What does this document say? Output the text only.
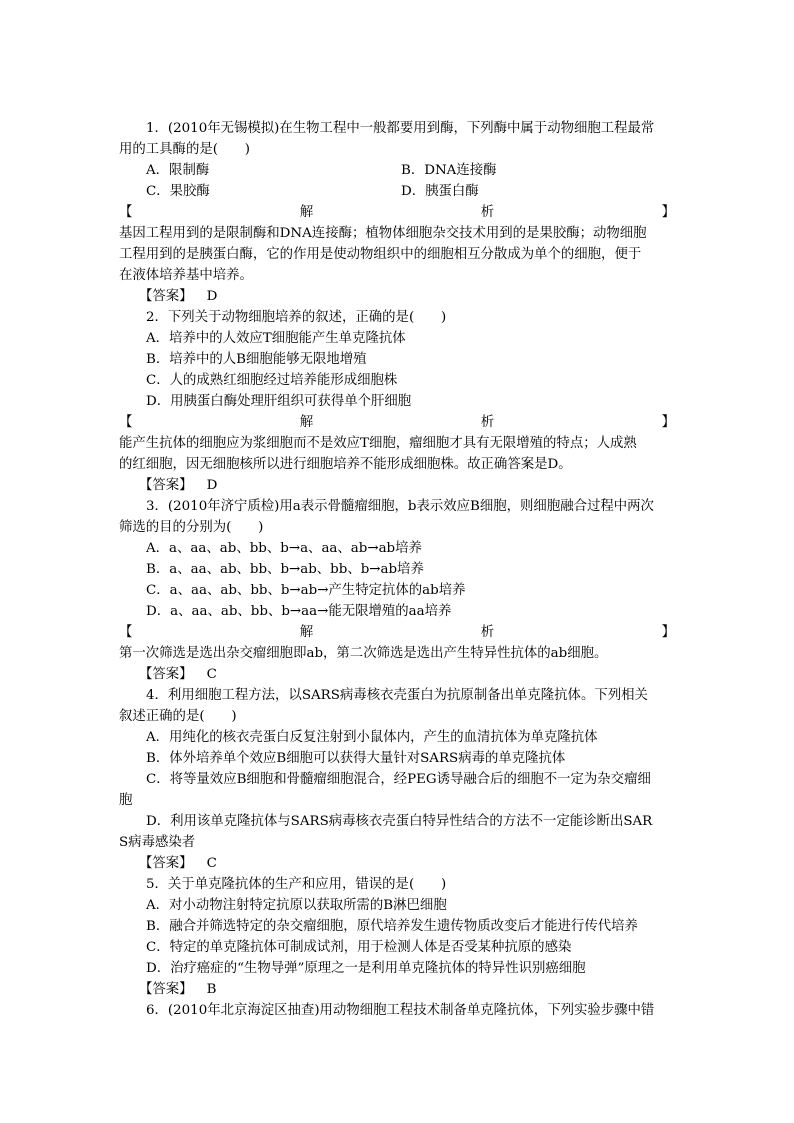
1．(2010年无锡模拟)在生物工程中一般都要用到酶，下列酶中属于动物细胞工程最常

用的工具酶的是(　　)

A．限制酶	B．DNA连接酶
C．果胶酶	D．胰蛋白酶
【	解	析	】

基因工程用到的是限制酶和DNA连接酶；植物体细胞杂交技术用到的是果胶酶；动物细胞

工程用到的是胰蛋白酶，它的作用是使动物组织中的细胞相互分散成为单个的细胞，便于

在液体培养基中培养。

【答案】 D

2．下列关于动物细胞培养的叙述，正确的是(　　)

A．培养中的人效应T细胞能产生单克隆抗体

B．培养中的人B细胞能够无限地增殖

C．人的成熟红细胞经过培养能形成细胞株

D．用胰蛋白酶处理肝组织可获得单个肝细胞

【	解	析	】

能产生抗体的细胞应为浆细胞而不是效应T细胞，瘤细胞才具有无限增殖的特点；人成熟

的红细胞，因无细胞核所以进行细胞培养不能形成细胞株。故正确答案是D。

【答案】 D

3．(2010年济宁质检)用a表示骨髓瘤细胞，b表示效应B细胞，则细胞融合过程中两次

筛选的目的分别为(　　)

A．a、aa、ab、bb、b→a、aa、ab→ab培养

B．a、aa、ab、bb、b→ab、bb、b→ab培养

C．a、aa、ab、bb、b→ab→产生特定抗体的ab培养

D．a、aa、ab、bb、b→aa→能无限增殖的aa培养

【	解	析	】

第一次筛选是选出杂交瘤细胞即ab，第二次筛选是选出产生特异性抗体的ab细胞。

【答案】 C

4．利用细胞工程方法，以SARS病毒核衣壳蛋白为抗原制备出单克隆抗体。下列相关

叙述正确的是(　　)

A．用纯化的核衣壳蛋白反复注射到小鼠体内，产生的血清抗体为单克隆抗体

B．体外培养单个效应B细胞可以获得大量针对SARS病毒的单克隆抗体

C．将等量效应B细胞和骨髓瘤细胞混合，经PEG诱导融合后的细胞不一定为杂交瘤细

胞

D．利用该单克隆抗体与SARS病毒核衣壳蛋白特异性结合的方法不一定能诊断出SAR

S病毒感染者

【答案】 C

5．关于单克隆抗体的生产和应用，错误的是(　　)

A．对小动物注射特定抗原以获取所需的B淋巴细胞

B．融合并筛选特定的杂交瘤细胞，原代培养发生遗传物质改变后才能进行传代培养

C．特定的单克隆抗体可制成试剂，用于检测人体是否受某种抗原的感染

D．治疗癌症的“生物导弹”原理之一是利用单克隆抗体的特异性识别癌细胞

【答案】 B

6．(2010年北京海淀区抽查)用动物细胞工程技术制备单克隆抗体，下列实验步骤中错
